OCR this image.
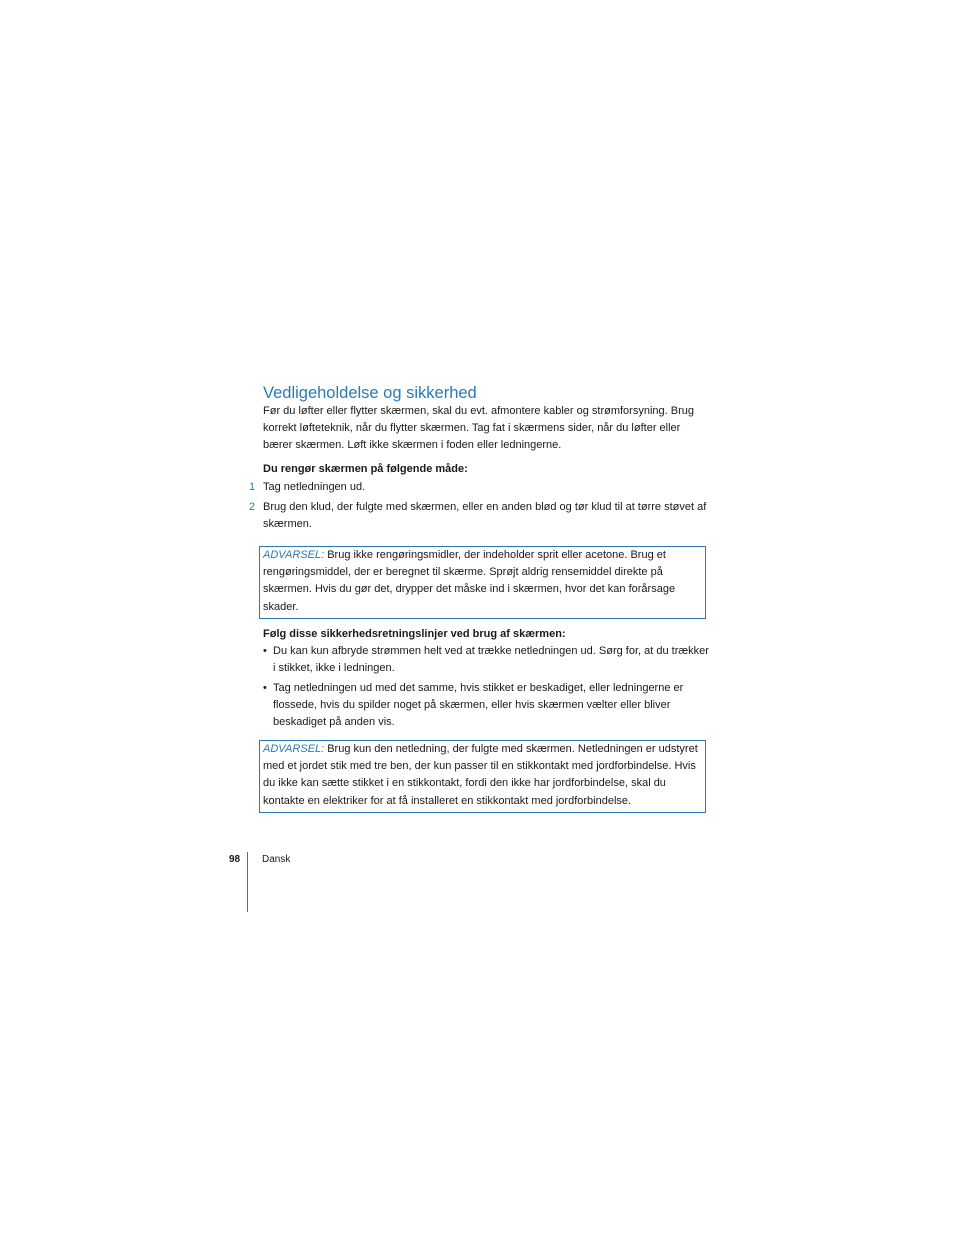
Vedligeholdelse og sikkerhed
Før du løfter eller flytter skærmen, skal du evt. afmontere kabler og strømforsyning. Brug korrekt løfteteknik, når du flytter skærmen. Tag fat i skærmens sider, når du løfter eller bærer skærmen. Løft ikke skærmen i foden eller ledningerne.
Du rengør skærmen på følgende måde:
1 Tag netledningen ud.
2 Brug den klud, der fulgte med skærmen, eller en anden blød og tør klud til at tørre støvet af skærmen.
ADVARSEL: Brug ikke rengøringsmidler, der indeholder sprit eller acetone. Brug et rengøringsmiddel, der er beregnet til skærme. Sprøjt aldrig rensemiddel direkte på skærmen. Hvis du gør det, drypper det måske ind i skærmen, hvor det kan forårsage skader.
Følg disse sikkerhedsretningslinjer ved brug af skærmen:
• Du kan kun afbryde strømmen helt ved at trække netledningen ud. Sørg for, at du trækker i stikket, ikke i ledningen.
• Tag netledningen ud med det samme, hvis stikket er beskadiget, eller ledningerne er flossede, hvis du spilder noget på skærmen, eller hvis skærmen vælter eller bliver beskadiget på anden vis.
ADVARSEL: Brug kun den netledning, der fulgte med skærmen. Netledningen er udstyret med et jordet stik med tre ben, der kun passer til en stikkontakt med jordforbindelse. Hvis du ikke kan sætte stikket i en stikkontakt, fordi den ikke har jordforbindelse, skal du kontakte en elektriker for at få installeret en stikkontakt med jordforbindelse.
98 Dansk
